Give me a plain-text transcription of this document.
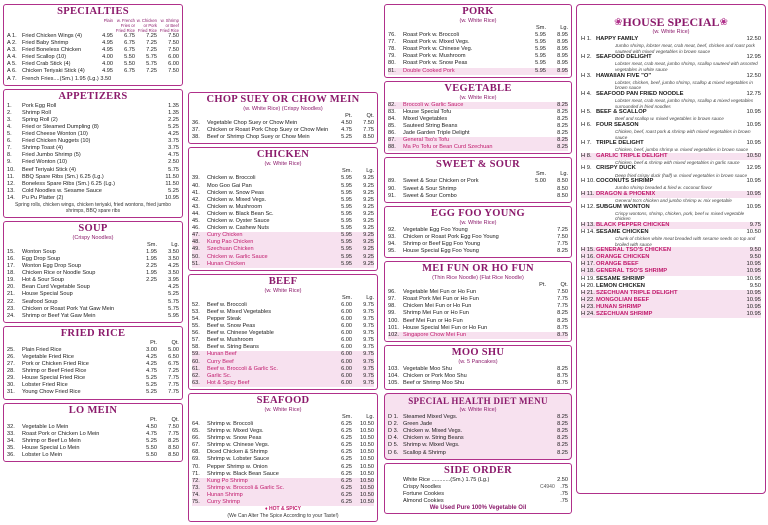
SPECIALTIES
Plain w. French Fries or Fried Rice
w. Chicken or Pork Fried Rice
w. Shrimp or Beef Fried Rice
A 1. Fried Chicken Wings (4)	4.95	6.75	7.25	7.50
A 2. Fried Baby Shrimp	4.95	6.75	7.25	7.50
A 3. Fried Boneless Chicken	4.95	6.75	7.25	7.50
A 4. Fried Scallop (10)	4.00	5.50	5.75	6.00
A 5. Fried Crab Stick (4)	4.00	5.50	5.75	6.00
A 6. Chicken Teriyaki Stick (4)	4.95	6.75	7.25	7.50
A 7. French Fries....(Sm.) 1.95 (Lg.) 3.50
APPETIZERS
1.	Pork Egg Roll	1.35
2.	Shrimp Roll	1.35
3.	Spring Roll (2)	2.25
4.	Fried or Steamed Dumpling (8)	5.25
5.	Fried Cheese Wonton (10)	4.25
6.	Fried Chicken Nuggets (10)	3.75
7.	Shrimp Toast (4)	3.75
8.	Fried Jumbo Shrimp (5)	4.75
9.	Fried Wonton (10)	2.50
10.	Beef Teriyaki Stick (4)	5.75
11.	BBQ Spare Ribs (Sm.) 6.25 (Lg.)	11.50
12.	Boneless Spare Ribs (Sm.) 6.25 (Lg.)	11.50
13.	Cold Noodles w. Sesame Sauce	5.25
14.	Pu Pu Platter (2)	10.95
Spring rolls, chicken wings, chicken teriyaki, fried wontons, fried jumbo shrimps, BBQ spare ribs
SOUP
(Crispy Noodles)
Sm.	Lg.
15.	Wonton Soup	1.95	3.50
16.	Egg Drop Soup	1.95	3.50
17.	Wonton Egg Drop Soup	2.25	4.25
18.	Chicken Rice or Noodle Soup	1.95	3.50
19.	Hot & Sour Soup	2.25	3.95
20.	Bean Curd Vegetable Soup	4.25
21.	House Special Soup	5.25
22.	Seafood Soup	5.75
23.	Chicken or Roast Pork Yat Gaw Mein	5.75
24.	Shrimp or Beef Yat Gaw Mein	5.95
FRIED RICE
Pt.	Qt.
25.	Plain Fried Rice	3.00	5.00
26.	Vegetable Fried Rice	4.25	6.50
27.	Pork or Chicken Fried Rice	4.25	6.75
28.	Shrimp or Beef Fried Rice	4.75	7.25
29.	House Special Fried Rice	5.25	7.75
30.	Lobster Fried Rice	5.25	7.75
31.	Young Chow Fried Rice	5.25	7.75
LO MEIN
Pt.	Qt.
32.	Vegetable Lo Mein	4.50	7.50
33.	Roast Pork or Chicken Lo Mein	4.75	7.75
34.	Shrimp or Beef Lo Mein	5.25	8.25
35.	House Special Lo Mein	5.50	8.50
36.	Lobster Lo Mein	5.50	8.50
CHOP SUEY OR CHOW MEIN
(w. White Rice) (Crispy Noodles)
Pt.	Qt.
36.	Vegetable Chop Suey or Chow Mein	4.50	7.50
37.	Chicken or Roast Pork Chop Suey or Chow Mein	4.75	7.75
38.	Beef or Shrimp Chop Suey or Chow Mein	5.25	8.50
CHICKEN
(w. White Rice)
Sm.	Lg.
39.	Chicken w. Broccoli	5.95	9.25
40.	Moo Goo Gai Pan	5.95	9.25
41.	Chicken w. Snow Peas	5.95	9.25
42.	Chicken w. Mixed Vegs.	5.95	9.25
43.	Chicken w. Mushroom	5.95	9.25
44.	Chicken w. Black Bean Sc.	5.95	9.25
45.	Chicken w. Oyster Sauce	5.95	9.25
46.	Chicken w. Cashew Nuts	5.95	9.25
47.	Curry Chicken	5.95	9.25
48.	Kung Pao Chicken	5.95	9.25
49.	Szechuan Chicken	5.95	9.25
50.	Chicken w. Garlic Sauce	5.95	9.25
51.	Hunan Chicken	5.95	9.25
BEEF
(w. White Rice)
Sm.	Lg.
52.	Beef w. Broccoli	6.00	9.75
53.	Beef w. Mixed Vegetables	6.00	9.75
54.	Pepper Steak	6.00	9.75
55.	Beef w. Snow Peas	6.00	9.75
56.	Beef w. Chinese Vegetable	6.00	9.75
57.	Beef w. Mushroom	6.00	9.75
58.	Beef w. String Beans	6.00	9.75
59.	Hunan Beef	6.00	9.75
60.	Curry Beef	6.00	9.75
61.	Beef w. Broccoli & Garlic Sc.	6.00	9.75
62.	Garlic Sc.	6.00	9.75
63.	Hot & Spicy Beef	6.00	9.75
SEAFOOD
(w. White Rice)
Sm.	Lg.
64.	Shrimp w. Broccoli	6.25	10.50
65.	Shrimp w. Mixed Vegs.	6.25	10.50
66.	Shrimp w. Snow Peas	6.25	10.50
67.	Shrimp w. Chinese Vegs.	6.25	10.50
68.	Diced Chicken & Shrimp	6.25	10.50
69.	Shrimp w. Lobster Sauce	6.25	10.50
70.	Pepper Shrimp w. Onion	6.25	10.50
71.	Shrimp w. Black Bean Sauce	6.25	10.50
72.	Kung Po Shrimp	6.25	10.50
73.	Shrimp w. Broccoli & Garlic Sc.	6.25	10.50
74.	Hunan Shrimp	6.25	10.50
75.	Curry Shrimp	6.25	10.50
♦ HOT & SPICY
(We Can Alter The Spice According to your Taste!)
PORK
(w. White Rice)
Sm.	Lg.
76.	Roast Pork w. Broccoli	5.95	8.95
77.	Roast Pork w. Mixed Vegs.	5.95	8.95
78.	Roast Pork w. Chinese Veg.	5.95	8.95
79.	Roast Pork w. Mushroom	5.95	8.95
80.	Roast Pork w. Snow Peas	5.95	8.95
81.	Double Cooked Pork	5.95	8.95
VEGETABLE
(w. White Rice)
82.	Broccoli w. Garlic Sauce	8.25
83.	House Special Tofu	8.25
84.	Mixed Vegetables	8.25
85.	Sauteed String Beans	8.25
86.	Jade Garden Triple Delight	8.25
87.	General Tso's Tofu	8.25
88.	Ma Po Tofu or Bean Curd Szechuan	8.25
SWEET & SOUR
Sm.	Lg.
89.	Sweet & Sour Chicken or Pork	5.00	8.50
90.	Sweet & Sour Shrimp	8.50
91.	Sweet & Sour Combo	8.50
EGG FOO YOUNG
(w. White Rice)
92.	Vegetable Egg Foo Young	7.25
93.	Chicken or Roast Pork Egg Foo Young	7.50
94.	Shrimp or Beef Egg Foo Young	7.75
95.	House Special Egg Foo Young	8.25
MEI FUN OR HO FUN
(Thin Rice Noodle) (Flat Rice Noodle)
Pt.	Qt.
96.	Vegetable Mei Fun or Ho Fun	7.50
97.	Roast Pork Mei Fun or Ho Fun	7.75
98.	Chicken Mei Fun or Ho Fun	7.75
99.	Shrimp Mei Fun or Ho Fun	8.25
100. Beef Mei Fun or Ho Fun	8.25
101. House Special Mei Fun or Ho Fun	8.75
102. Singapore Chow Mei Fun	8.75
MOO SHU
(w. 5 Pancakes)
103. Vegetable Moo Shu	8.25
104. Chicken or Pork Moo Shu	8.75
105. Beef or Shrimp Moo Shu	8.75
SPECIAL HEALTH DIET MENU
(w. White Rice)
D 1. Steamed Mixed Vegs.	8.25
D 2. Green Jade	8.25
D 3. Chicken w. Mixed Vegs.	8.25
D 4. Chicken w. String Beans	8.25
D 5. Shrimp w. Mixed Vegs.	8.25
D 6. Scallop & Shrimp	8.25
SIDE ORDER
White Rice ............(Sm.) 1.75 (Lg.)	2.50
Crispy Noodles	.75
Fortune Cookies	.75
Almond Cookies	.75
We Used Pure 100% Vegetable Oil
❀ HOUSE SPECIAL ❀
(w. White Rice)
H 1. HAPPY FAMILY	12.50
Jumbo shrimp, lobster meat, crab meat, beef, chicken and roast pork sauteed with mixed vegetables in brown sauce
H 2. SEAFOOD DELIGHT	12.95
Lobster meat, crab meat, jumbo shrimp, scallop sauteed with assorted vegetables in white sauce
H 3. HAWAIIAN FIVE "O"	12.50
Lobster, chicken, beef, jumbo shrimp, scallop & mixed vegetables in brown sauce
H 4. SEAFOOD PAN FRIED NOODLE	12.75
Lobster meat, crab meat, jumbo shrimp, scallop & mixed vegetables surrounded in fried noodles
H 5. BEEF & SCALLOP	10.95
Beef and scallop w. mixed vegetables in brown sauce
H 6. FOUR SEASON	10.95
Chicken, beef, roast pork & shrimp with mixed vegetables in brown sauce
H 7. TRIPLE DELIGHT	10.95
Chicken, beef, jumbo shrimp w. mixed vegetables in brown sauce
H 8. GARLIC TRIPLE DELIGHT	10.50
Chicken, beef & shrimp with mixed vegetables in garlic sauce
H 9. CRISPY DUCK	12.95
Deep fried crispy duck (half) w. mixed vegetables in brown sauce
H 10. COCONUTS SHRIMP	10.95
Jumbo shrimp breaded & fried w. coconut flavor
H 11. DRAGON & PHOENIX	10.95
General tso's chicken and jumbo shrimp w. mix vegetable
H 12. SUBGUM WONTON	10.95
Crispy wontons, shrimp, chicken, pork, beef w. mixed vegetable chicken
H 13. BLACK PEPPER CHICKEN	9.75
H 14. SESAME CHICKEN	10.50
Chunk of chicken white meat breaded with sesame seeds on top and broiled with sauce
H 15. GENERAL TSO'S CHICKEN	9.50
H 16. ORANGE CHICKEN	9.50
H 17. ORANGE BEEF	10.95
H 18. GENERAL TSO'S SHRIMP	10.95
H 19. SESAME SHRIMP	10.95
H 20. LEMON CHICKEN	9.50
H 21. SZECHUAN TRIPLE DELIGHT	10.95
H 22. MONGOLIAN BEEF	10.95
H 23. HUNAN SHRIMP	10.95
H 24. SZECHUAN SHRIMP	10.95
C4940
